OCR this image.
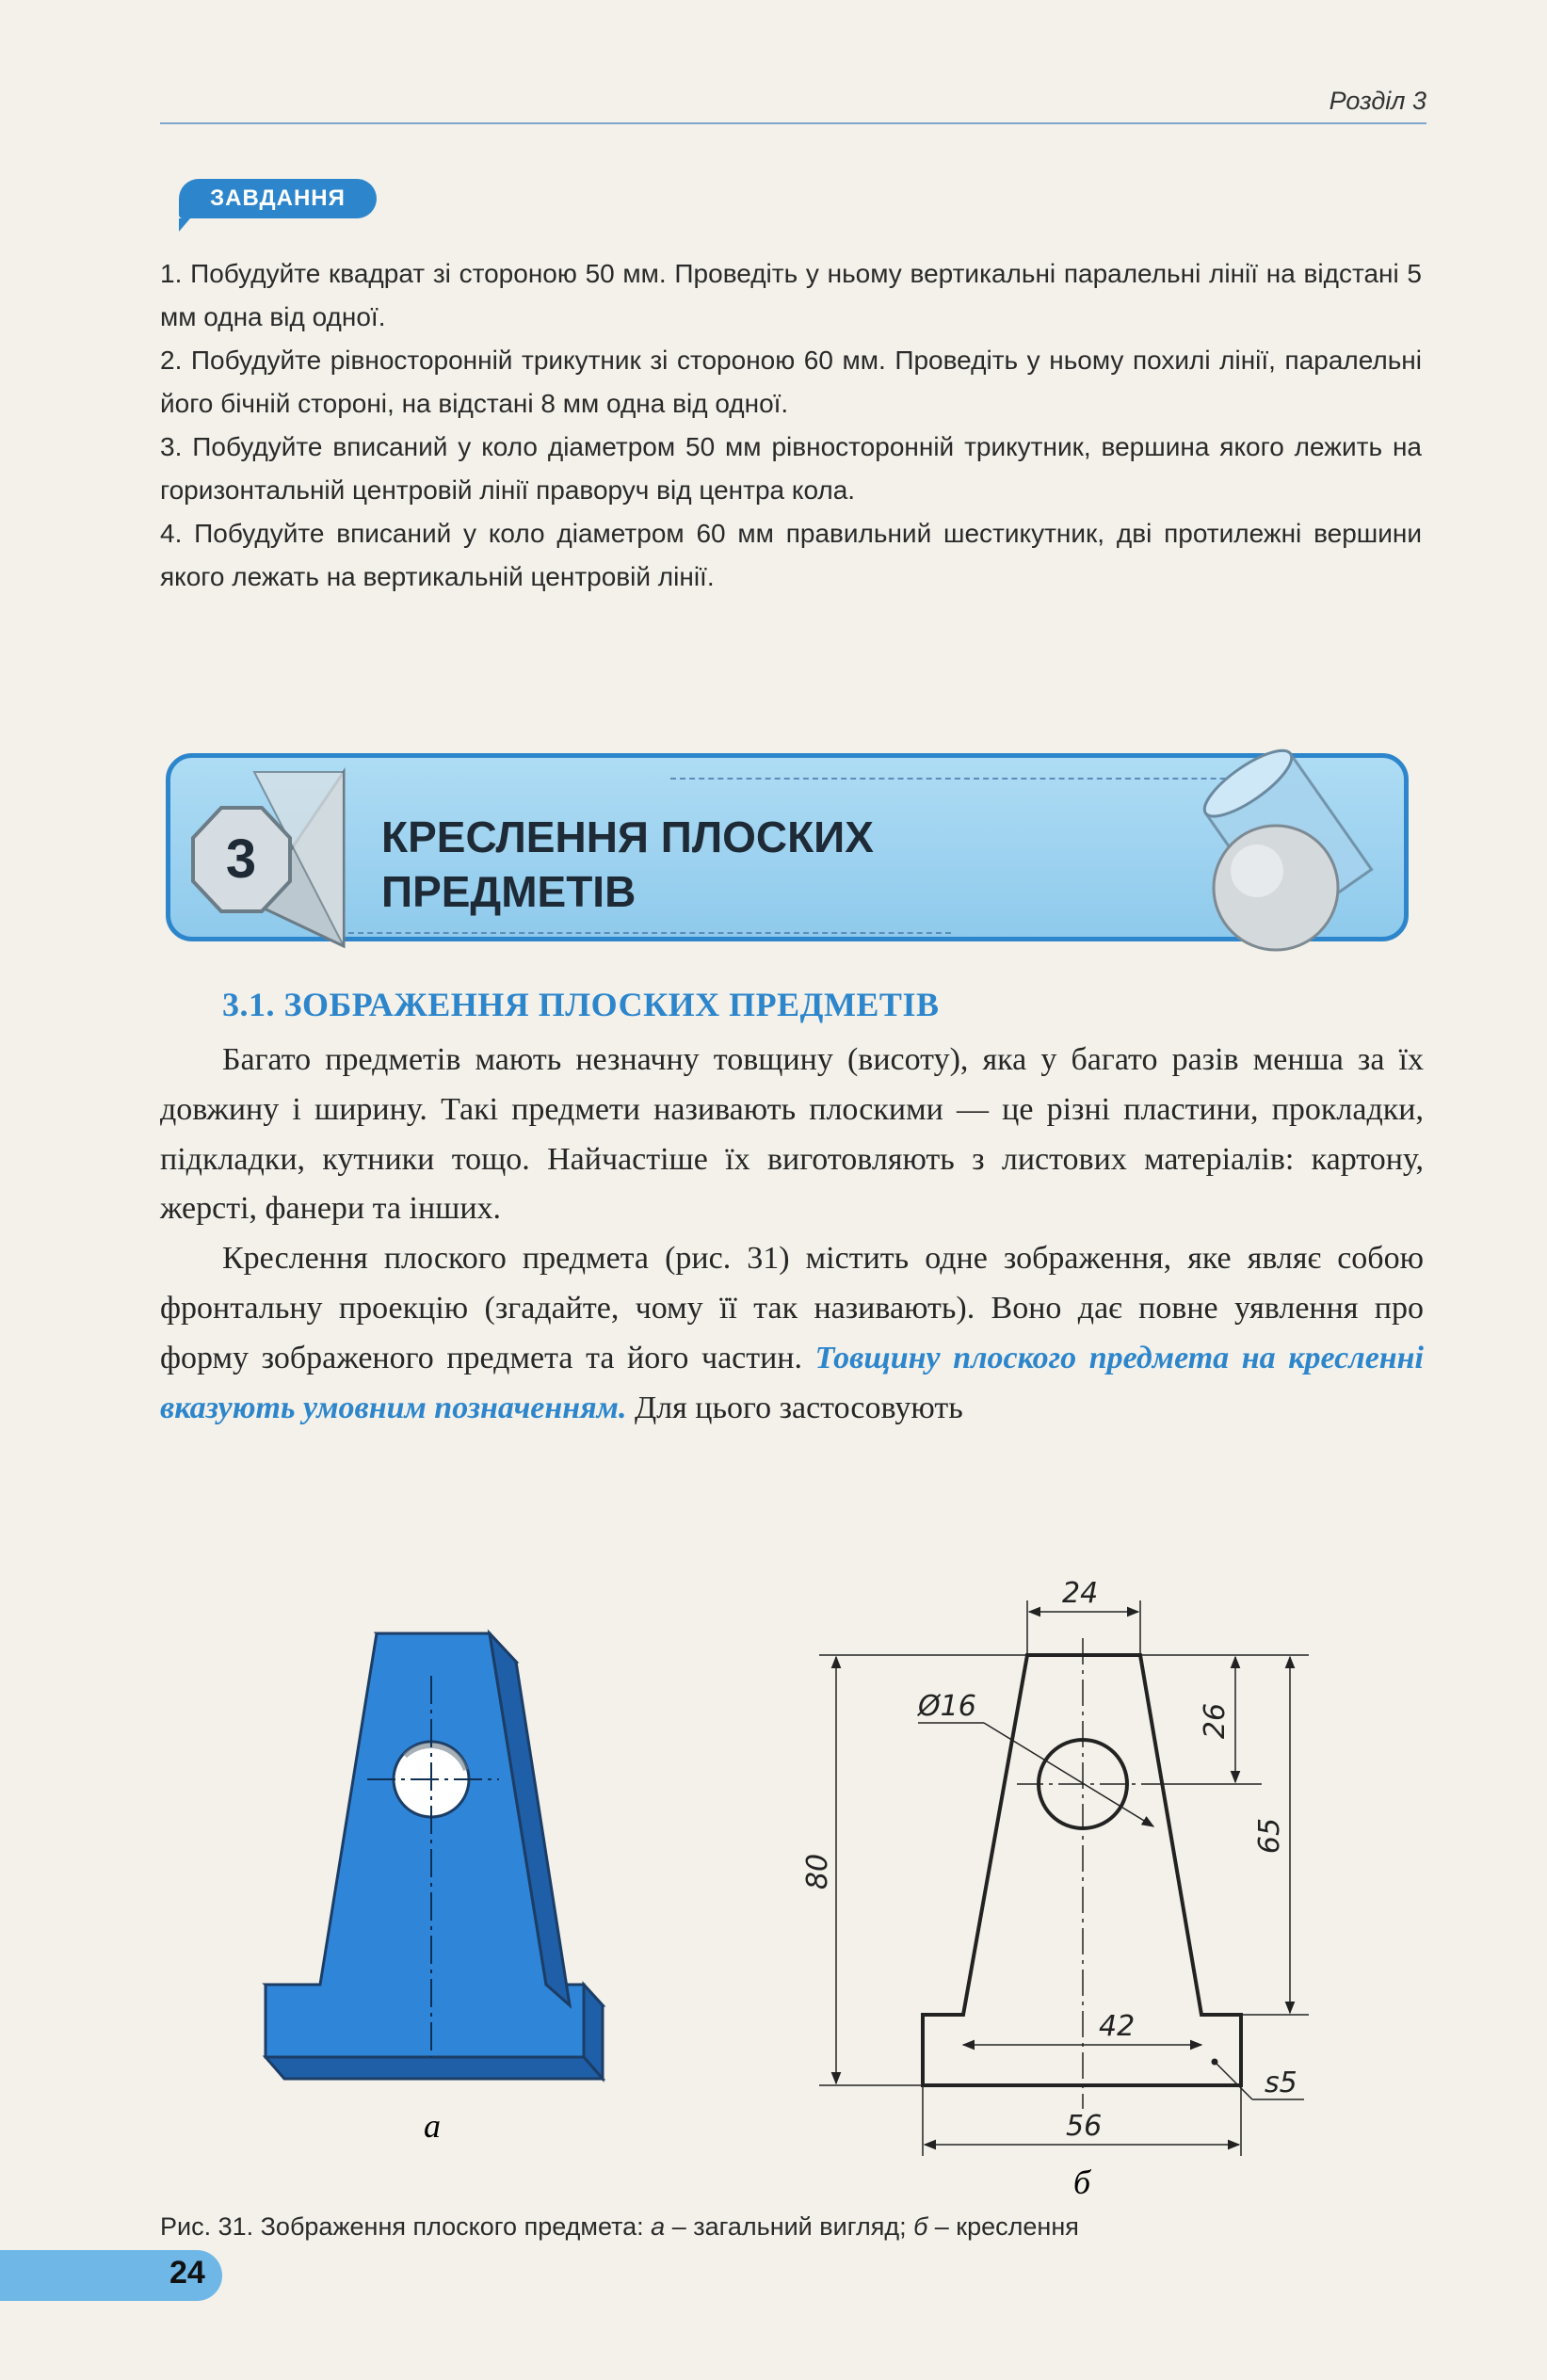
Розділ 3
ЗАВДАННЯ

1. Побудуйте квадрат зі стороною 50 мм. Проведіть у ньому вертикальні паралельні лінії на відстані 5 мм одна від одної.

2. Побудуйте рівносторонній трикутник зі стороною 60 мм. Проведіть у ньому похилі лінії, паралельні його бічній стороні, на відстані 8 мм одна від одної.

3. Побудуйте вписаний у коло діаметром 50 мм рівносторонній трикутник, вершина якого лежить на горизонтальній центровій лінії праворуч від центра кола.

4. Побудуйте вписаний у коло діаметром 60 мм правильний шестикутник, дві протилежні вершини якого лежать на вертикальній центровій лінії.

3	КРЕСЛЕННЯ ПЛОСКИХ
ПРЕДМЕТІВ
3.1. ЗОБРАЖЕННЯ ПЛОСКИХ ПРЕДМЕТІВ

Багато предметів мають незначну товщину (висоту), яка у багато разів менша за їх довжину і ширину. Такі предмети називають плоскими — це різні пластини, прокладки, підкладки, кутники тощо. Найчастіше їх виготовляють з листових матеріалів: картону, жерсті, фанери та інших.

Креслення плоского предмета (рис. 31) містить одне зображення, яке являє собою фронтальну проекцію (згадайте, чому її так називають). Воно дає повне уявлення про форму зображеного предмета та його частин. Товщину плоского предмета на кресленні вказують умовним позначенням. Для цього застосовують

а
24
Ø16	26
65
80
42
56
s5
б
Рис. 31. Зображення плоского предмета: а – загальний вигляд; б – креслення
24
